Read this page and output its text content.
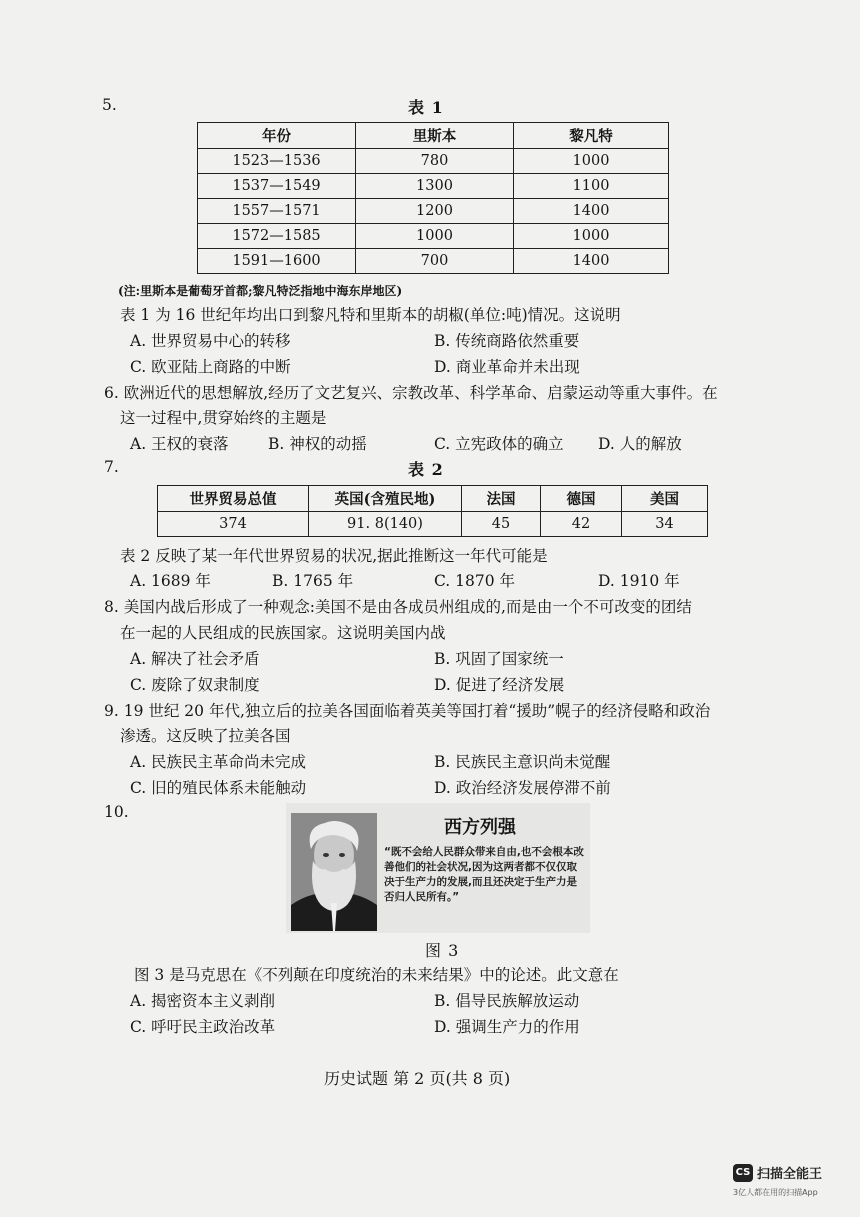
5.	表 1
年份	里斯本	黎凡特
1523—1536	780	1000
1537—1549	1300	1100
1557—1571	1200	1400
1572—1585	1000	1000
1591—1600	700	1400
(注:里斯本是葡萄牙首都;黎凡特泛指地中海东岸地区)
表 1 为 16 世纪年均出口到黎凡特和里斯本的胡椒(单位:吨)情况。这说明
A. 世界贸易中心的转移	B. 传统商路依然重要
C. 欧亚陆上商路的中断	D. 商业革命并未出现
6. 欧洲近代的思想解放,经历了文艺复兴、宗教改革、科学革命、启蒙运动等重大事件。在
这一过程中,贯穿始终的主题是
A. 王权的衰落	B. 神权的动摇	C. 立宪政体的确立 D. 人的解放
7.	表 2
世界贸易总值	英国(含殖民地)	法国	德国	美国
374	91. 8(140)	45	42	34
表 2 反映了某一年代世界贸易的状况,据此推断这一年代可能是
A. 1689 年	B. 1765 年	C. 1870 年	D. 1910 年
8. 美国内战后形成了一种观念:美国不是由各成员州组成的,而是由一个不可改变的团结
在一起的人民组成的民族国家。这说明美国内战
A. 解决了社会矛盾	B. 巩固了国家统一
C. 废除了奴隶制度	D. 促进了经济发展
9. 19 世纪 20 年代,独立后的拉美各国面临着英美等国打着“援助”幌子的经济侵略和政治
渗透。这反映了拉美各国
A. 民族民主革命尚未完成	B. 民族民主意识尚未觉醒
C. 旧的殖民体系未能触动	D. 政治经济发展停滞不前
10.
西方列强
“既不会给人民群众带来自由,也不会根本改善他们的社会状况,因为这两者都不仅仅取决于生产力的发展,而且还决定于生产力是否归人民所有。”
图 3
图 3 是马克思在《不列颠在印度统治的未来结果》中的论述。此文意在
A. 揭密资本主义剥削	B. 倡导民族解放运动
C. 呼吁民主政治改革	D. 强调生产力的作用
历史试题 第 2 页(共 8 页)
CS 扫描全能王
3亿人都在用的扫描App
